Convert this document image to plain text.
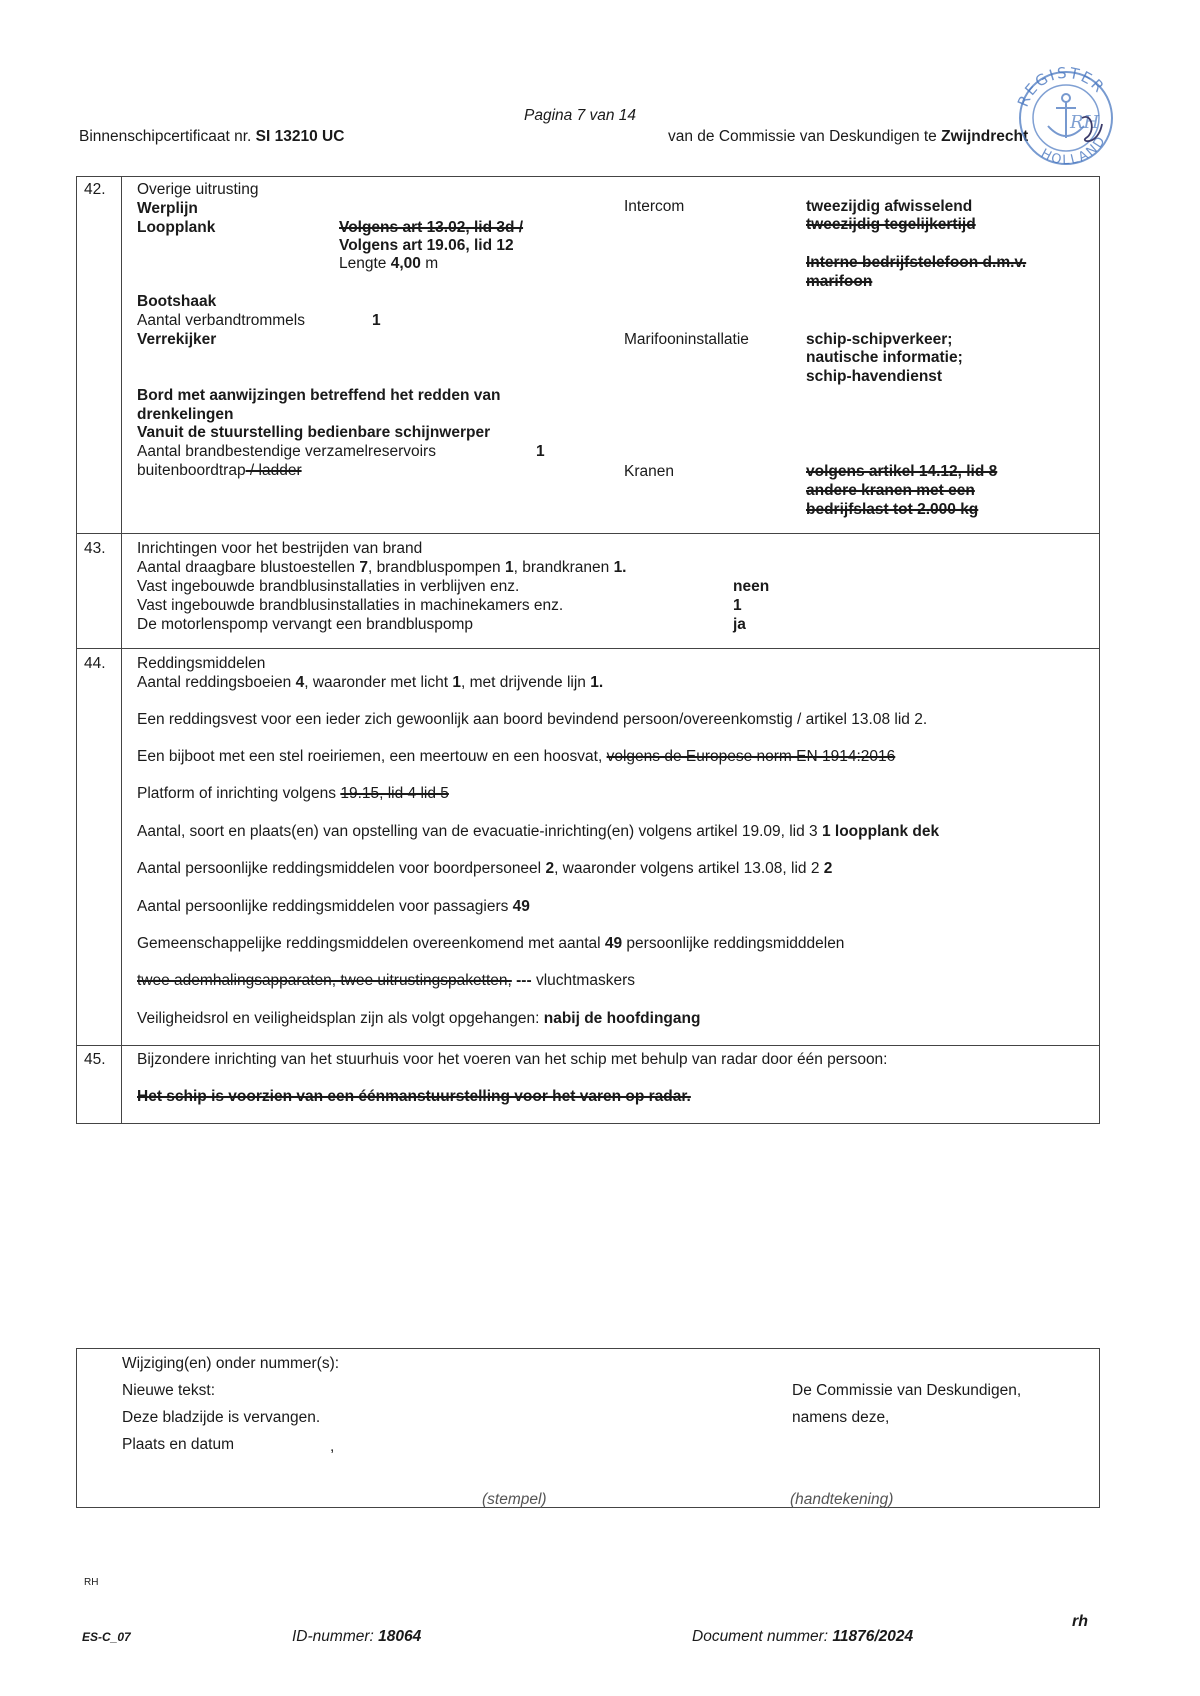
Binnenschipcertificaat nr. SI 13210 UC
Pagina 7 van 14
van de Commissie van Deskundigen te Zwijndrecht
REGISTER
HOLLAND
RH
42. Overige uitrusting
Werplijn
Loopplank	Volgens art 13.02, lid 3d /
Volgens art 19.06, lid 12
Lengte 4,00 m
Bootshaak
Aantal verbandtrommels	1
Verrekijker
Bord met aanwijzingen betreffend het redden van
drenkelingen
Vanuit de stuurstelling bedienbare schijnwerper
Aantal brandbestendige verzamelreservoirs	1
buitenboordtrap / ladder
Intercom	tweezijdig afwisselend
tweezijdig tegelijkertijd
Interne bedrijfstelefoon d.m.v.
marifoon
Marifooninstallatie	schip-schipverkeer;
nautische informatie;
schip-havendienst
Kranen	volgens artikel 14.12, lid 8
andere kranen met een
bedrijfslast tot 2.000 kg
43. Inrichtingen voor het bestrijden van brand
Aantal draagbare blustoestellen 7, brandbluspompen 1, brandkranen 1.
Vast ingebouwde brandblusinstallaties in verblijven enz.	neen
Vast ingebouwde brandblusinstallaties in machinekamers enz.	1
De motorlenspomp vervangt een brandbluspomp	ja
44. Reddingsmiddelen
Aantal reddingsboeien 4, waaronder met licht 1, met drijvende lijn 1.
Een reddingsvest voor een ieder zich gewoonlijk aan boord bevindend persoon/overeenkomstig / artikel 13.08 lid 2.
Een bijboot met een stel roeiriemen, een meertouw en een hoosvat, volgens de Europese norm EN 1914:2016
Platform of inrichting volgens 19.15, lid 4 lid 5
Aantal, soort en plaats(en) van opstelling van de evacuatie-inrichting(en) volgens artikel 19.09, lid 3 1 loopplank dek
Aantal persoonlijke reddingsmiddelen voor boordpersoneel 2, waaronder volgens artikel 13.08, lid 2 2
Aantal persoonlijke reddingsmiddelen voor passagiers 49
Gemeenschappelijke reddingsmiddelen overeenkomend met aantal 49 persoonlijke reddingsmidddelen
twee ademhalingsapparaten, twee uitrustingspaketten, --- vluchtmaskers
Veiligheidsrol en veiligheidsplan zijn als volgt opgehangen: nabij de hoofdingang
45. Bijzondere inrichting van het stuurhuis voor het voeren van het schip met behulp van radar door één persoon:
Het schip is voorzien van een éénmanstuurstelling voor het varen op radar.
Wijziging(en) onder nummer(s):
Nieuwe tekst:
Deze bladzijde is vervangen.
Plaats en datum	,
De Commissie van Deskundigen,
namens deze,
(stempel)	(handtekening)
RH
ES-C_07	ID-nummer: 18064	Document nummer: 11876/2024
rh
